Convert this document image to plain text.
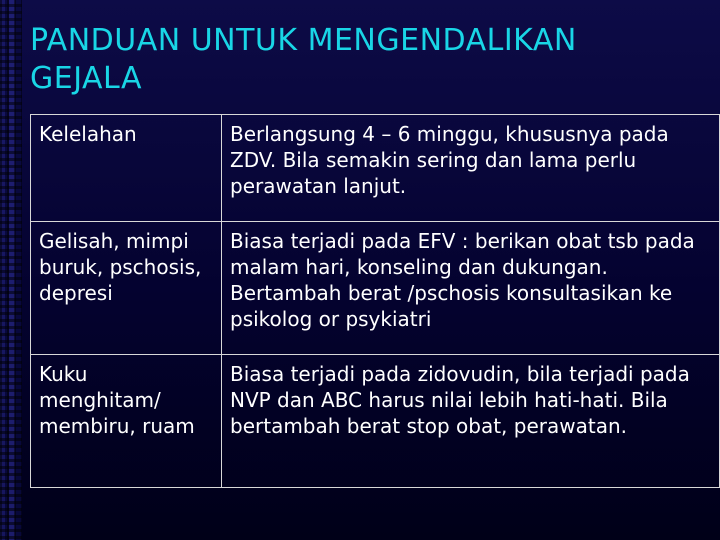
PANDUAN UNTUK MENGENDALIKAN GEJALA
Kelelahan	Berlangsung 4 – 6 minggu, khususnya pada ZDV. Bila semakin sering dan lama perlu perawatan lanjut.
Gelisah, mimpi buruk, pschosis, depresi	Biasa terjadi pada EFV : berikan obat tsb pada malam hari, konseling dan dukungan. Bertambah berat /pschosis konsultasikan ke psikolog or psykiatri
Kuku menghitam/ membiru, ruam	Biasa terjadi pada zidovudin, bila terjadi pada NVP dan ABC harus nilai lebih hati-hati. Bila bertambah berat stop obat, perawatan.
